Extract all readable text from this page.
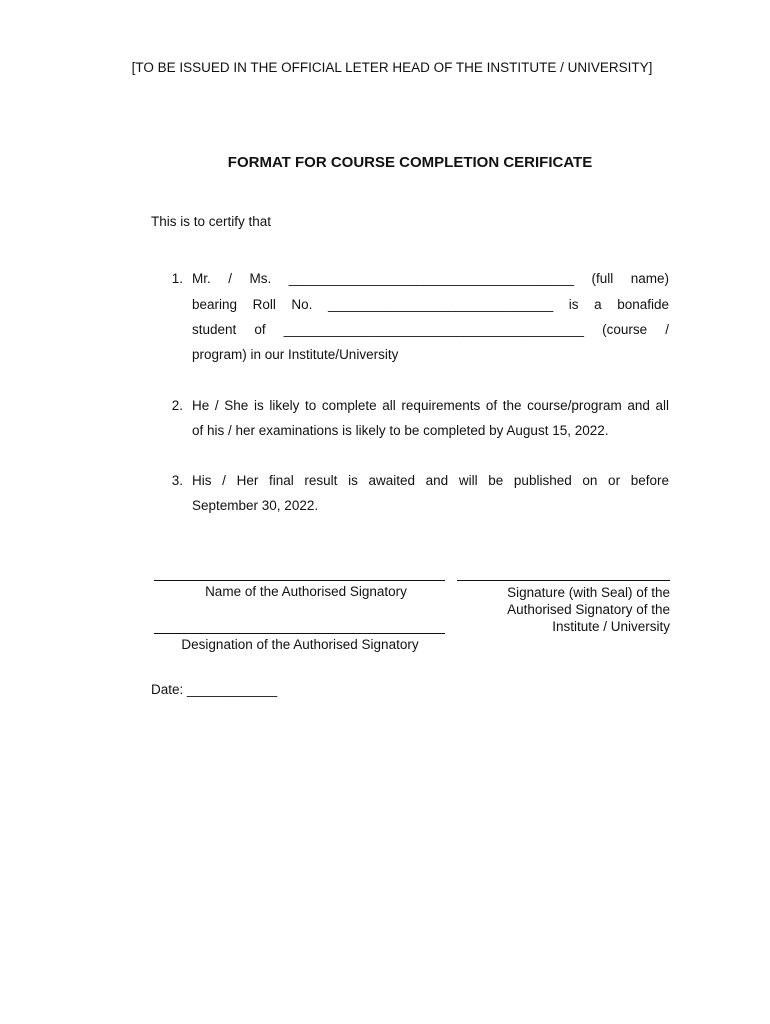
[TO BE ISSUED IN THE OFFICIAL LETER HEAD OF THE INSTITUTE / UNIVERSITY]
FORMAT FOR COURSE COMPLETION CERIFICATE
This is to certify that
1. Mr. / Ms. ______________________________________ (full name)
bearing Roll No. ______________________________ is a bonafide
student of ________________________________________ (course /
program) in our Institute/University
2. He / She is likely to complete all requirements of the course/program and all
of his / her examinations is likely to be completed by August 15, 2022.
3. His / Her final result is awaited and will be published on or before
September 30, 2022.
Name of the Authorised Signatory	Signature (with Seal) of the
Authorised Signatory of the
Institute / University
Designation of the Authorised Signatory
Date: ____________
